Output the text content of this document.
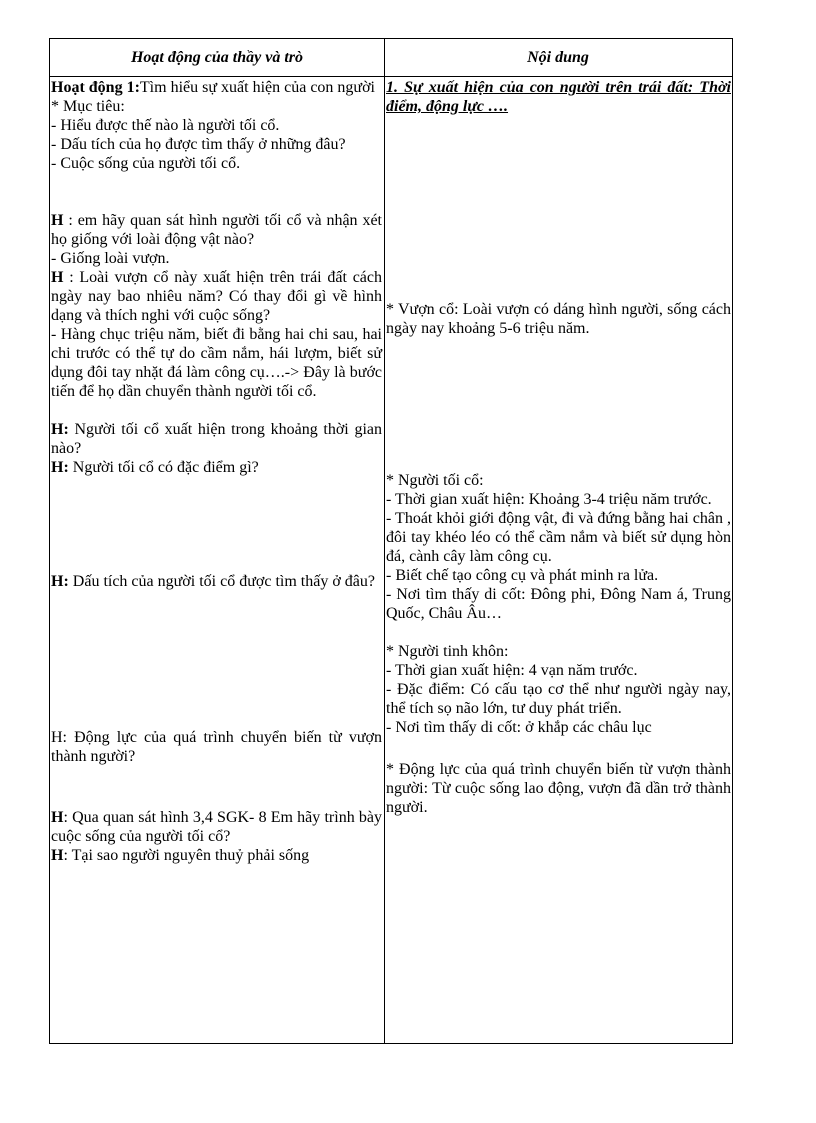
Hoạt động của thầy và trò	Nội dung

Hoạt động 1:Tìm hiểu sự xuất hiện của con người

* Mục tiêu:

- Hiểu được thế nào là người tối cổ.

- Dấu tích của họ được tìm thấy ở những đâu?

- Cuộc sống của người tối cổ.

H : em hãy quan sát hình người tối cổ và nhận xét họ giống với loài động vật nào?

- Giống loài vượn.

H : Loài vượn cổ này xuất hiện trên trái đất cách ngày nay bao nhiêu năm? Có thay đổi gì về hình dạng và thích nghi với cuộc sống?

- Hàng chục triệu năm, biết đi bằng hai chi sau, hai chi trước có thể tự do cầm nắm, hái lượm, biết sử dụng đôi tay nhặt đá làm công cụ….-> Đây là bước tiến để họ dần chuyển thành người tối cổ.

H: Người tối cổ xuất hiện trong khoảng thời gian nào?

H: Người tối cổ có đặc điểm gì?

H: Dấu tích của người tối cổ được tìm thấy ở đâu?

H: Động lực của quá trình chuyển biến từ vượn thành người?

H: Qua quan sát hình 3,4 SGK- 8 Em hãy trình bày cuộc sống của người tối cổ?

H: Tại sao người nguyên thuỷ phải sống

1. Sự xuất hiện của con người trên trái đất: Thời điểm, động lực ….

* Vượn cổ: Loài vượn có dáng hình người, sống cách ngày nay khoảng 5-6 triệu năm.

* Người tối cổ:

- Thời gian xuất hiện: Khoảng 3-4 triệu năm trước.

- Thoát khỏi giới động vật, đi và đứng bằng hai chân , đôi tay khéo léo có thể cầm nắm và biết sử dụng hòn đá, cành cây làm công cụ.

- Biết chế tạo công cụ và phát minh ra lửa.

- Nơi tìm thấy di cốt: Đông phi, Đông Nam á, Trung Quốc, Châu Âu…

* Người tinh khôn:

- Thời gian xuất hiện: 4 vạn năm trước.

- Đặc điểm: Có cấu tạo cơ thể như người ngày nay, thể tích sọ não lớn, tư duy phát triển.

- Nơi tìm thấy di cốt: ở khắp các châu lục

* Động lực của quá trình chuyển biến từ vượn thành người: Từ cuộc sống lao động, vượn đã dần trở thành người.
